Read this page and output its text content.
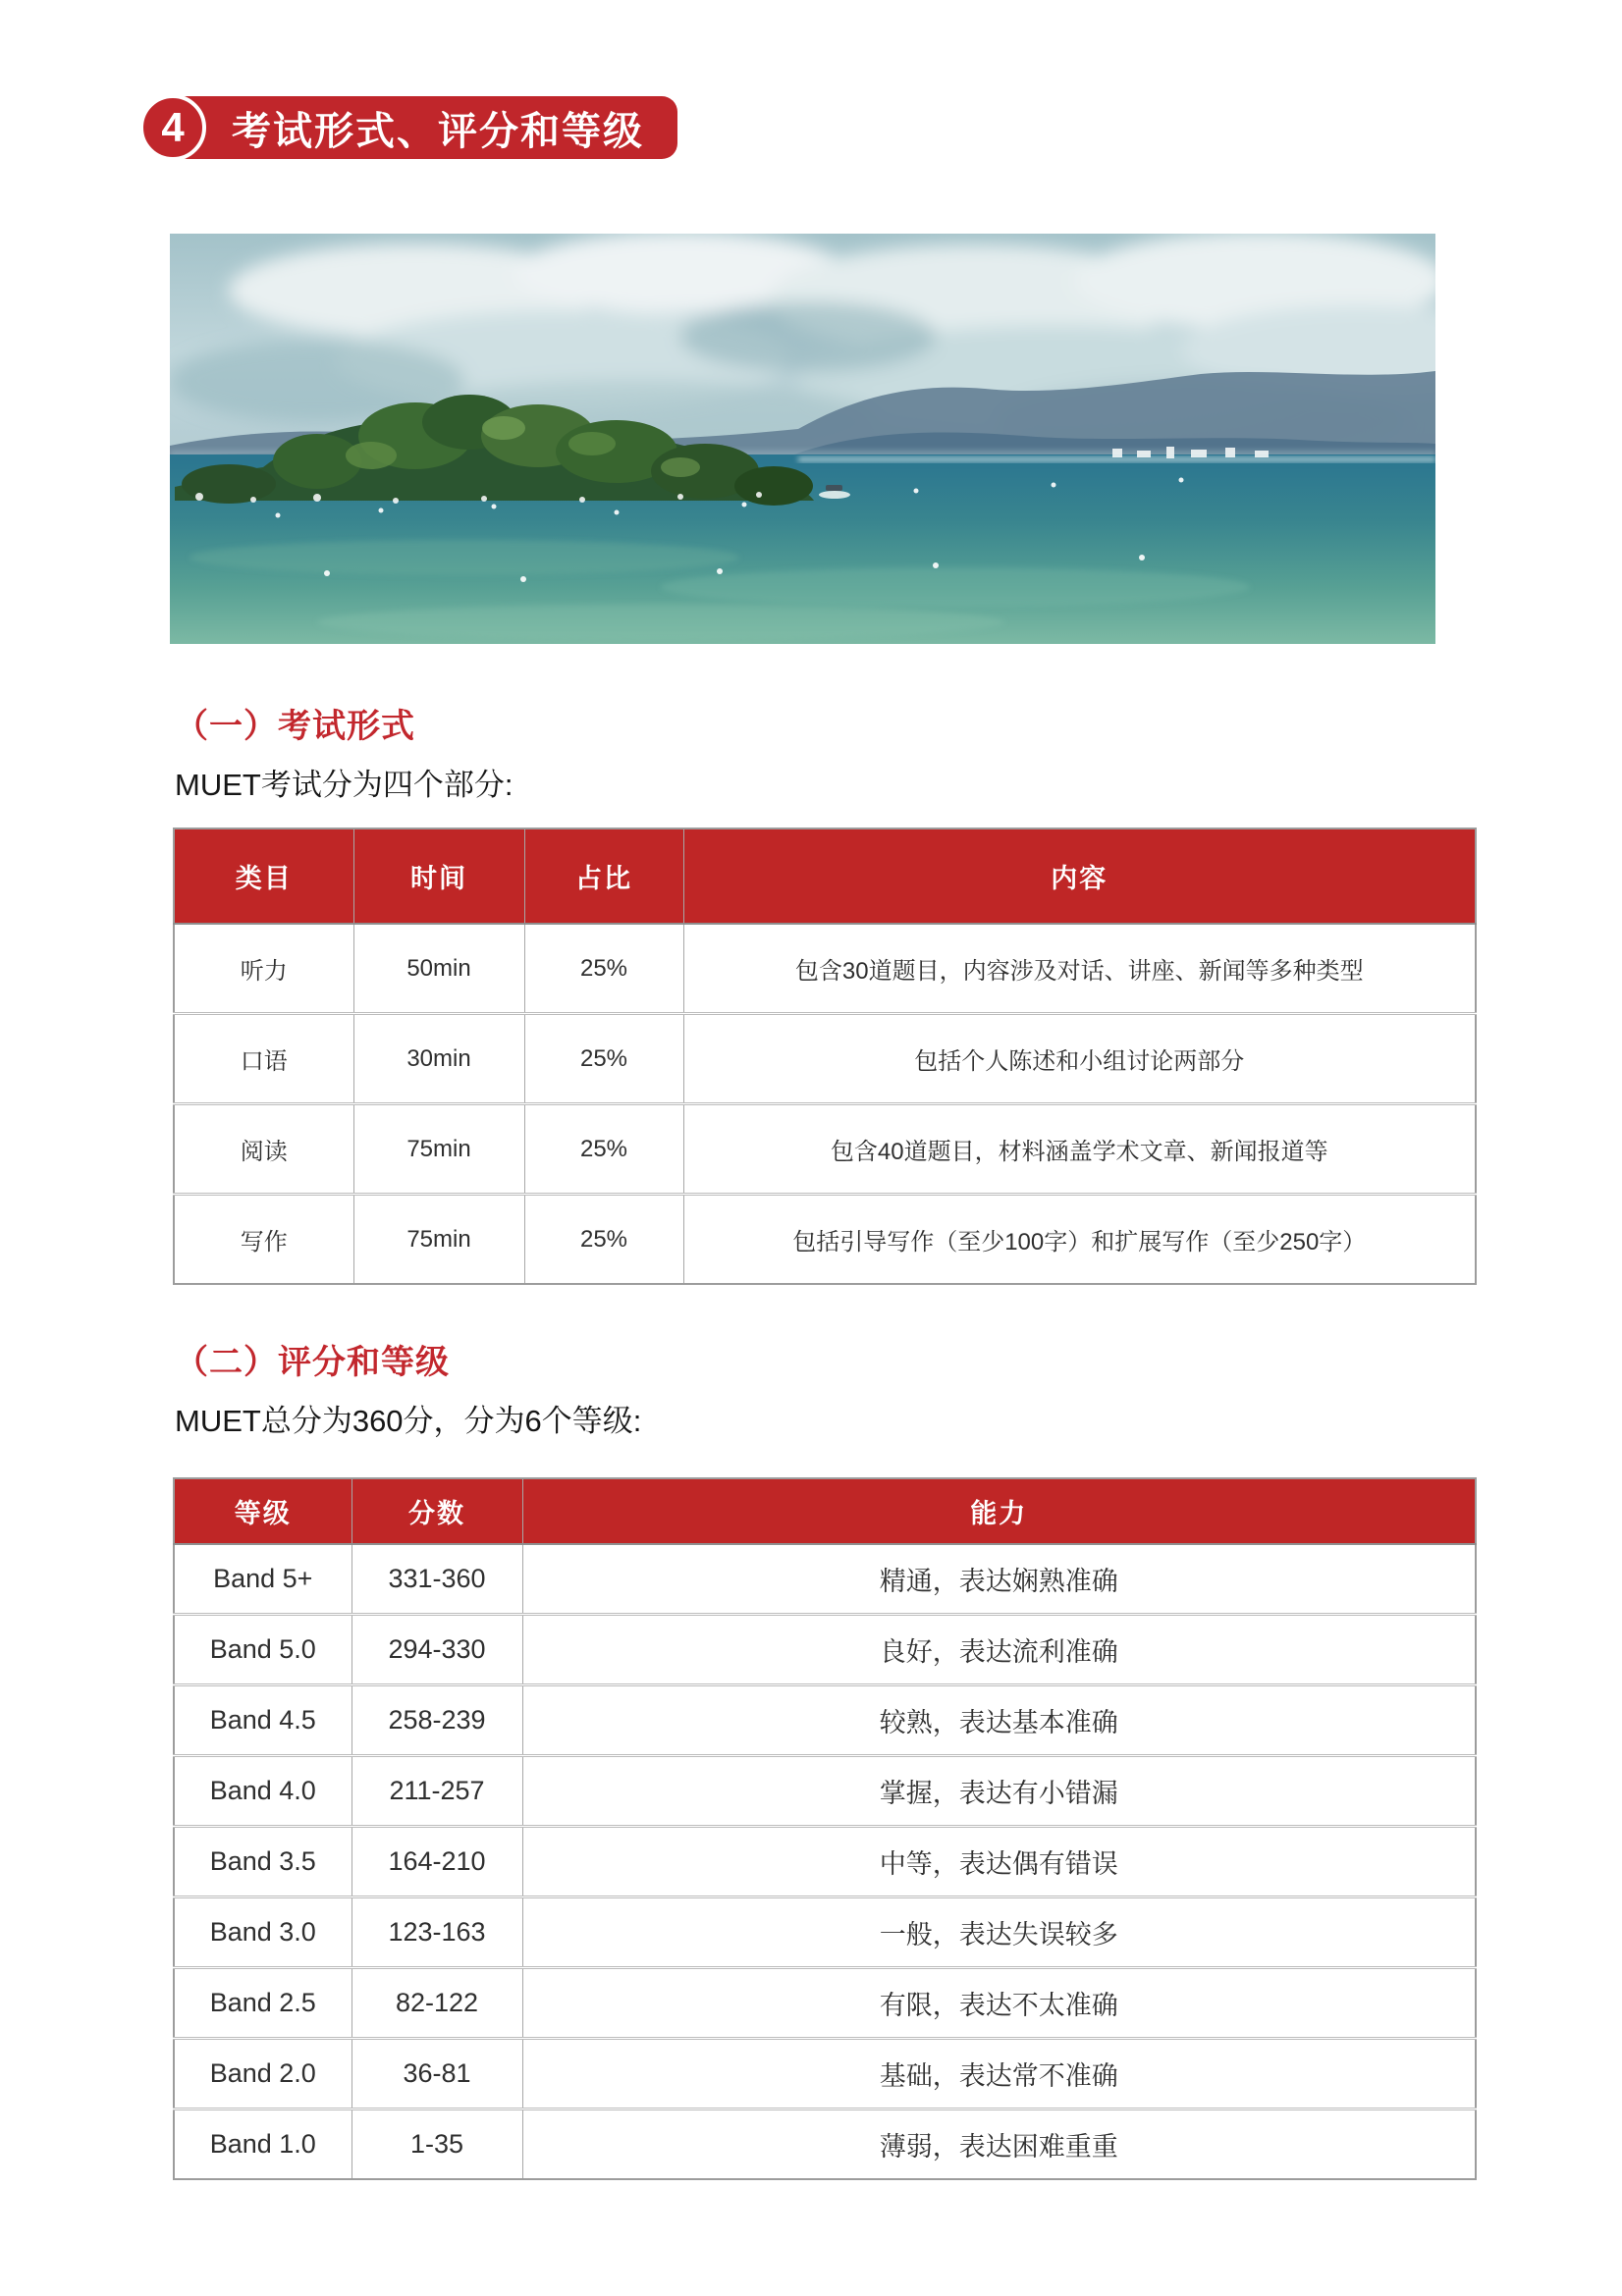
4	考试形式、评分和等级
（一）考试形式
MUET考试分为四个部分:
类目	时间	占比	内容
听力	50min	25%	包含30道题目，内容涉及对话、讲座、新闻等多种类型
口语	30min	25%	包括个人陈述和小组讨论两部分
阅读	75min	25%	包含40道题目，材料涵盖学术文章、新闻报道等
写作	75min	25%	包括引导写作（至少100字）和扩展写作（至少250字）
（二）评分和等级
MUET总分为360分，分为6个等级:
等级	分数	能力
Band 5+	331-360	精通，表达娴熟准确
Band 5.0	294-330	良好，表达流利准确
Band 4.5	258-239	较熟，表达基本准确
Band 4.0	211-257	掌握，表达有小错漏
Band 3.5	164-210	中等，表达偶有错误
Band 3.0	123-163	一般，表达失误较多
Band 2.5	82-122	有限，表达不太准确
Band 2.0	36-81	基础，表达常不准确
Band 1.0	1-35	薄弱，表达困难重重
